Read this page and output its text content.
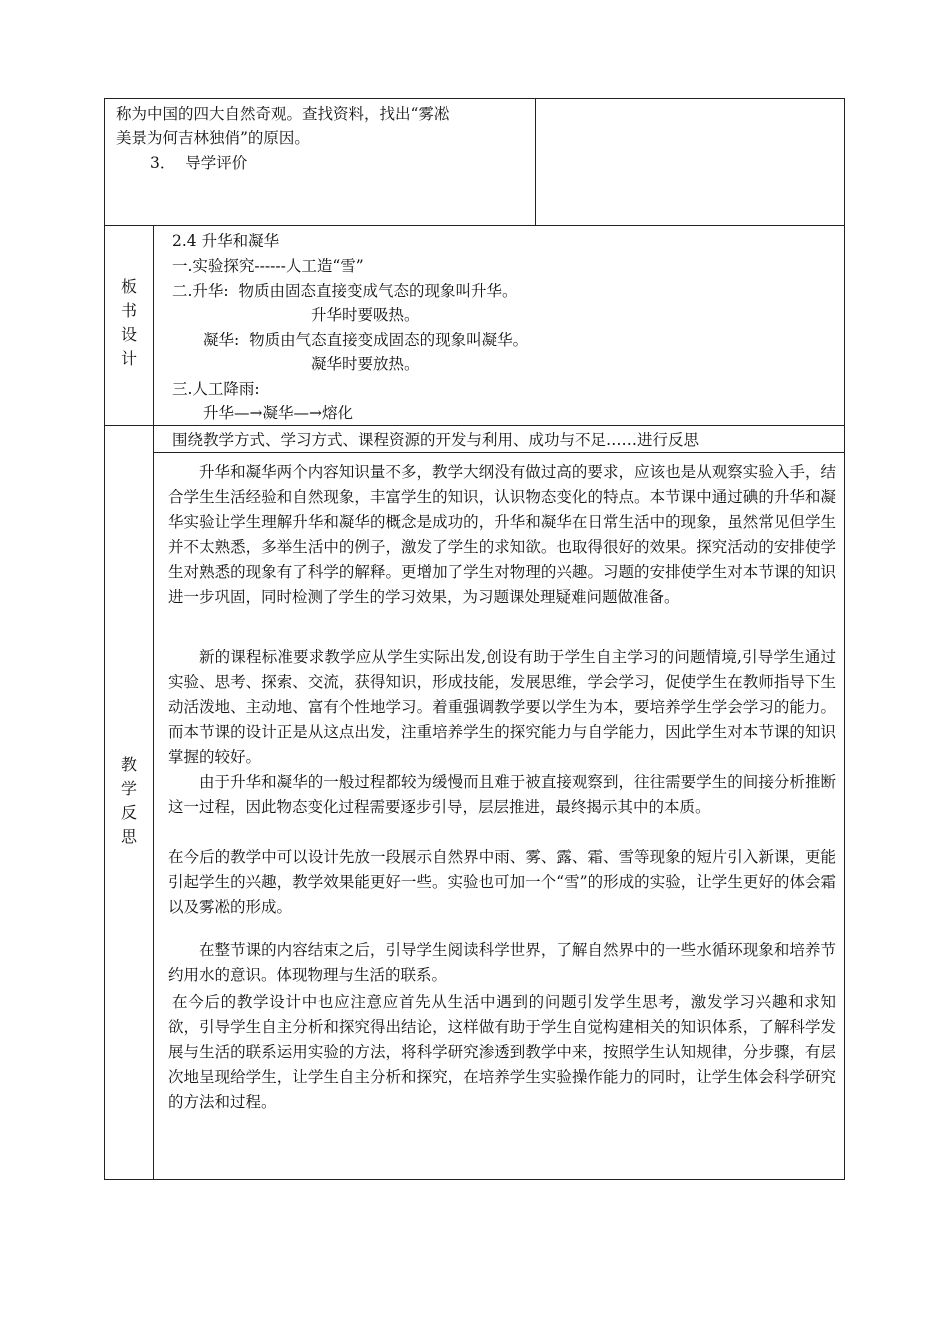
称为中国的四大自然奇观。查找资料，找出“雾凇
美景为何吉林独俏”的原因。
3．  导学评价
板
书
设
计
2.4 升华和凝华
一.实验探究------人工造“雪”
二.升华:  物质由固态直接变成气态的现象叫升华。
升华时要吸热。
凝华:  物质由气态直接变成固态的现象叫凝华。
凝华时要放热。
三.人工降雨:
升华—→凝华—→熔化
教
学
反
思
围绕教学方式、学习方式、课程资源的开发与利用、成功与不足……进行反思
升华和凝华两个内容知识量不多，教学大纲没有做过高的要求，应该也是从观察实验入手，结合学生生活经验和自然现象，丰富学生的知识，认识物态变化的特点。本节课中通过碘的升华和凝华实验让学生理解升华和凝华的概念是成功的，升华和凝华在日常生活中的现象，虽然常见但学生并不太熟悉，多举生活中的例子，激发了学生的求知欲。也取得很好的效果。探究活动的安排使学生对熟悉的现象有了科学的解释。更增加了学生对物理的兴趣。习题的安排使学生对本节课的知识进一步巩固，同时检测了学生的学习效果，为习题课处理疑难问题做准备。
新的课程标准要求教学应从学生实际出发,创设有助于学生自主学习的问题情境,引导学生通过实验、思考、探索、交流，获得知识，形成技能，发展思维，学会学习，促使学生在教师指导下生动活泼地、主动地、富有个性地学习。着重强调教学要以学生为本，要培养学生学会学习的能力。而本节课的设计正是从这点出发，注重培养学生的探究能力与自学能力，因此学生对本节课的知识掌握的较好。
由于升华和凝华的一般过程都较为缓慢而且难于被直接观察到，往往需要学生的间接分析推断这一过程，因此物态变化过程需要逐步引导，层层推进，最终揭示其中的本质。
在今后的教学中可以设计先放一段展示自然界中雨、雾、露、霜、雪等现象的短片引入新课，更能引起学生的兴趣，教学效果能更好一些。实验也可加一个“雪”的形成的实验，让学生更好的体会霜以及雾凇的形成。
在整节课的内容结束之后，引导学生阅读科学世界，了解自然界中的一些水循环现象和培养节约用水的意识。体现物理与生活的联系。
在今后的教学设计中也应注意应首先从生活中遇到的问题引发学生思考，激发学习兴趣和求知欲，引导学生自主分析和探究得出结论，这样做有助于学生自觉构建相关的知识体系，了解科学发展与生活的联系运用实验的方法，将科学研究渗透到教学中来，按照学生认知规律，分步骤，有层次地呈现给学生，让学生自主分析和探究，在培养学生实验操作能力的同时，让学生体会科学研究的方法和过程。
